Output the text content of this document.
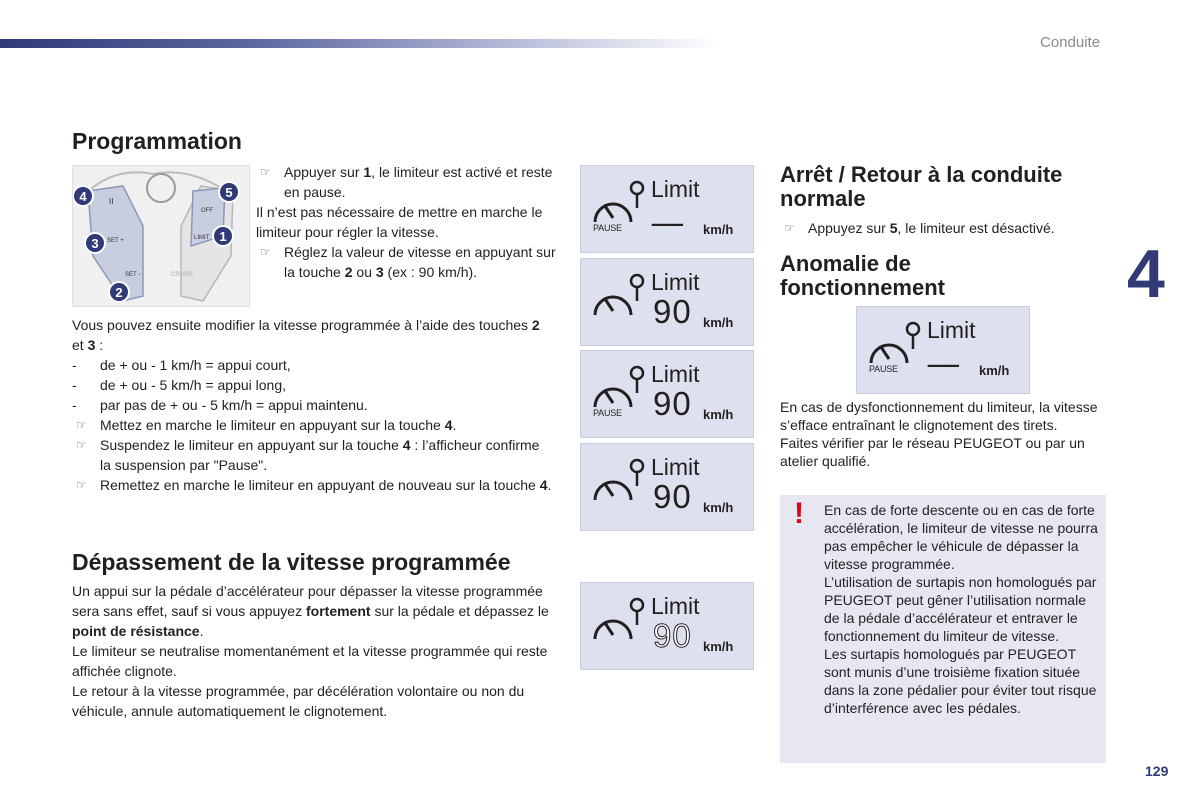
Conduite
4
129
Programmation
4
3
2
1
5
II
SET +
SET -
LIMIT
CRUISE
OFF
☞ Appuyer sur 1, le limiteur est activé et reste en pause.
Il n’est pas nécessaire de mettre en marche le limiteur pour régler la vitesse.
☞ Réglez la valeur de vitesse en appuyant sur la touche 2 ou 3 (ex : 90 km/h).
Vous pouvez ensuite modifier la vitesse programmée à l’aide des touches 2 et 3 :
- de + ou - 1 km/h = appui court,
- de + ou - 5 km/h = appui long,
- par pas de + ou - 5 km/h = appui maintenu.
☞ Mettez en marche le limiteur en appuyant sur la touche 4.
☞ Suspendez le limiteur en appuyant sur la touche 4 : l’afficheur confirme la suspension par "Pause".
☞ Remettez en marche le limiteur en appuyant de nouveau sur la touche 4.
Limit
PAUSE ––– km/h
Limit
90 km/h
Limit
PAUSE 90 km/h
Limit
90 km/h
Limit
90 km/h
Dépassement de la vitesse programmée
Un appui sur la pédale d’accélérateur pour dépasser la vitesse programmée sera sans effet, sauf si vous appuyez fortement sur la pédale et dépassez le point de résistance.
Le limiteur se neutralise momentanément et la vitesse programmée qui reste affichée clignote.
Le retour à la vitesse programmée, par décélération volontaire ou non du véhicule, annule automatiquement le clignotement.
Arrêt / Retour à la conduite normale
☞ Appuyez sur 5, le limiteur est désactivé.
Anomalie de fonctionnement
Limit
PAUSE ––– km/h
En cas de dysfonctionnement du limiteur, la vitesse s’efface entraînant le clignotement des tirets.
Faites vérifier par le réseau PEUGEOT ou par un atelier qualifié.
! En cas de forte descente ou en cas de forte accélération, le limiteur de vitesse ne pourra pas empêcher le véhicule de dépasser la vitesse programmée.
L’utilisation de surtapis non homologués par PEUGEOT peut gêner l’utilisation normale de la pédale d’accélérateur et entraver le fonctionnement du limiteur de vitesse.
Les surtapis homologués par PEUGEOT sont munis d’une troisième fixation située dans la zone pédalier pour éviter tout risque d’interférence avec les pédales.
